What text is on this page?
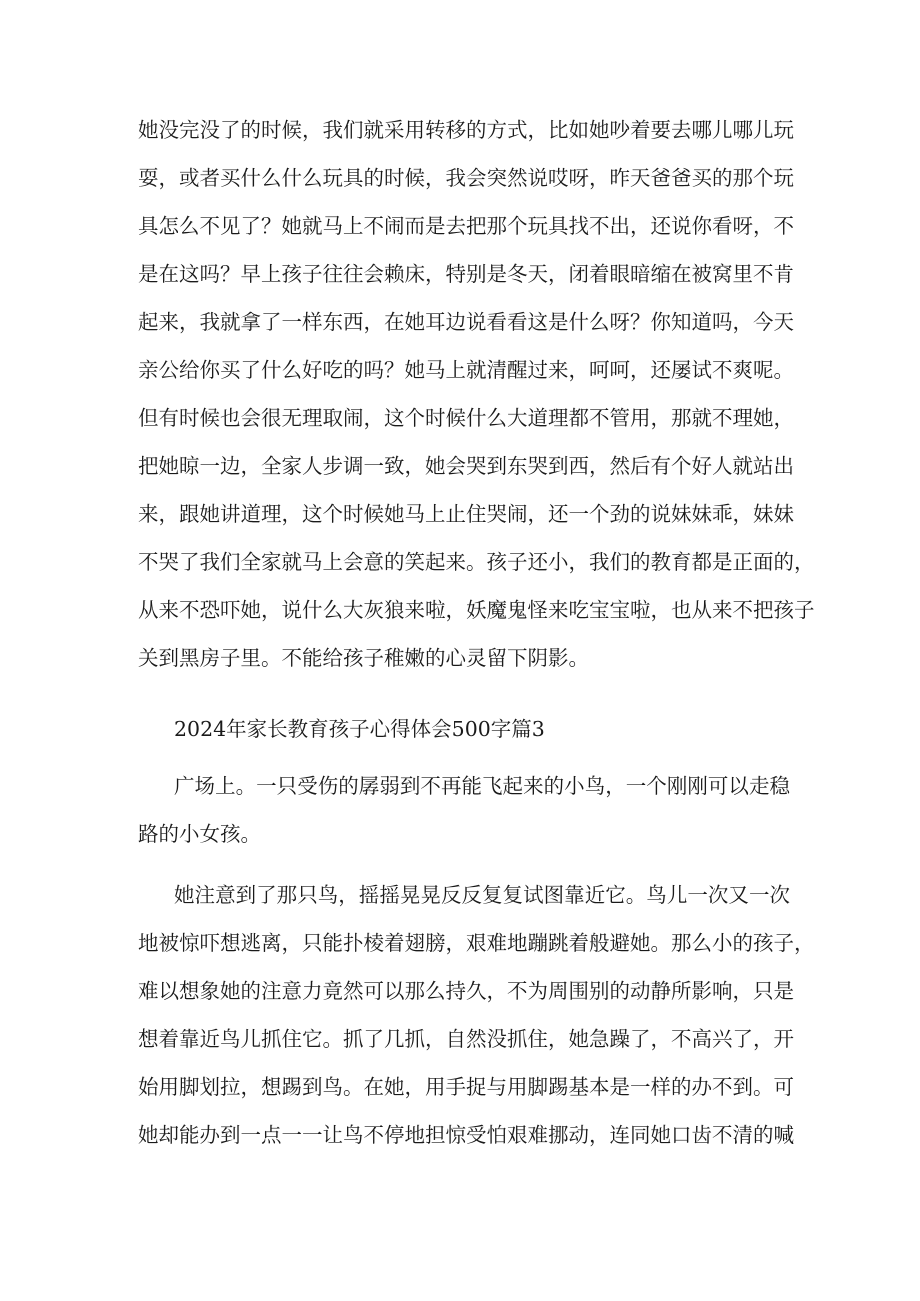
她没完没了的时候，我们就采用转移的方式，比如她吵着要去哪儿哪儿玩
耍，或者买什么什么玩具的时候，我会突然说哎呀，昨天爸爸买的那个玩
具怎么不见了？她就马上不闹而是去把那个玩具找不出，还说你看呀，不
是在这吗？早上孩子往往会赖床，特别是冬天，闭着眼暗缩在被窝里不肯
起来，我就拿了一样东西，在她耳边说看看这是什么呀？你知道吗，今天
亲公给你买了什么好吃的吗？她马上就清醒过来，呵呵，还屡试不爽呢。
但有时候也会很无理取闹，这个时候什么大道理都不管用，那就不理她，
把她晾一边，全家人步调一致，她会哭到东哭到西，然后有个好人就站出
来，跟她讲道理，这个时候她马上止住哭闹，还一个劲的说妹妹乖，妹妹
不哭了我们全家就马上会意的笑起来。孩子还小，我们的教育都是正面的，
从来不恐吓她，说什么大灰狼来啦，妖魔鬼怪来吃宝宝啦，也从来不把孩子
关到黑房子里。不能给孩子稚嫩的心灵留下阴影。
2024年家长教育孩子心得体会500字篇3
广场上。一只受伤的孱弱到不再能飞起来的小鸟，一个刚刚可以走稳
路的小女孩。
她注意到了那只鸟，摇摇晃晃反反复复试图靠近它。鸟儿一次又一次
地被惊吓想逃离，只能扑棱着翅膀，艰难地蹦跳着般避她。那么小的孩子，
难以想象她的注意力竟然可以那么持久，不为周围别的动静所影响，只是
想着靠近鸟儿抓住它。抓了几抓，自然没抓住，她急躁了，不高兴了，开
始用脚划拉，想踢到鸟。在她，用手捉与用脚踢基本是一样的办不到。可
她却能办到一点一一让鸟不停地担惊受怕艰难挪动，连同她口齿不清的喊
